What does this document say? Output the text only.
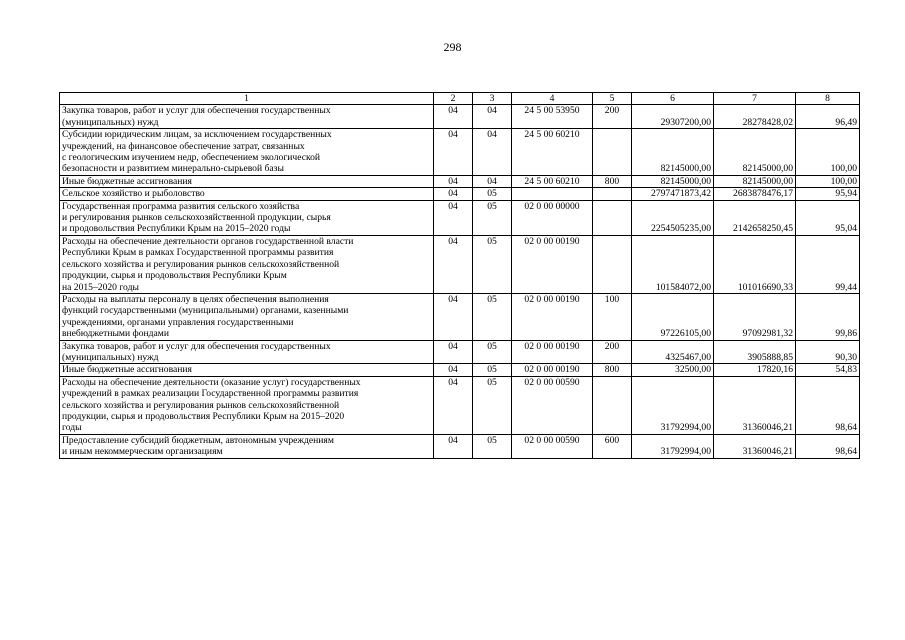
298
1	2	3	4	5	6	7	8

Закупка товаров, работ и услуг для обеспечения государственных
(муниципальных) нужд	04	04	24 5 00 53950	200	29307200,00	28278428,02	96,49

Субсидии юридическим лицам, за исключением государственных
учреждений, на финансовое обеспечение затрат, связанных
с геологическим изучением недр, обеспечением экологической
безопасности и развитием минерально-сырьевой базы	04	04	24 5 00 60210		82145000,00	82145000,00	100,00

Иные бюджетные ассигнования	04	04	24 5 00 60210	800	82145000,00	82145000,00	100,00

Сельское хозяйство и рыболовство	04	05			2797471873,42	2683878476,17	95,94

Государственная программа развития сельского хозяйства
и регулирования рынков сельскохозяйственной продукции, сырья
и продовольствия Республики Крым на 2015–2020 годы	04	05	02 0 00 00000		2254505235,00	2142658250,45	95,04

Расходы на обеспечение деятельности органов государственной власти
Республики Крым в рамках Государственной программы развития
сельского хозяйства и регулирования рынков сельскохозяйственной
продукции, сырья и продовольствия Республики Крым
на 2015–2020 годы	04	05	02 0 00 00190		101584072,00	101016690,33	99,44

Расходы на выплаты персоналу в целях обеспечения выполнения
функций государственными (муниципальными) органами, казенными
учреждениями, органами управления государственными
внебюджетными фондами	04	05	02 0 00 00190	100	97226105,00	97092981,32	99,86

Закупка товаров, работ и услуг для обеспечения государственных
(муниципальных) нужд	04	05	02 0 00 00190	200	4325467,00	3905888,85	90,30

Иные бюджетные ассигнования	04	05	02 0 00 00190	800	32500,00	17820,16	54,83

Расходы на обеспечение деятельности (оказание услуг) государственных
учреждений в рамках реализации Государственной программы развития
сельского хозяйства и регулирования рынков сельскохозяйственной
продукции, сырья и продовольствия Республики Крым на 2015–2020
годы	04	05	02 0 00 00590		31792994,00	31360046,21	98,64

Предоставление субсидий бюджетным, автономным учреждениям
и иным некоммерческим организациям	04	05	02 0 00 00590	600	31792994,00	31360046,21	98,64
